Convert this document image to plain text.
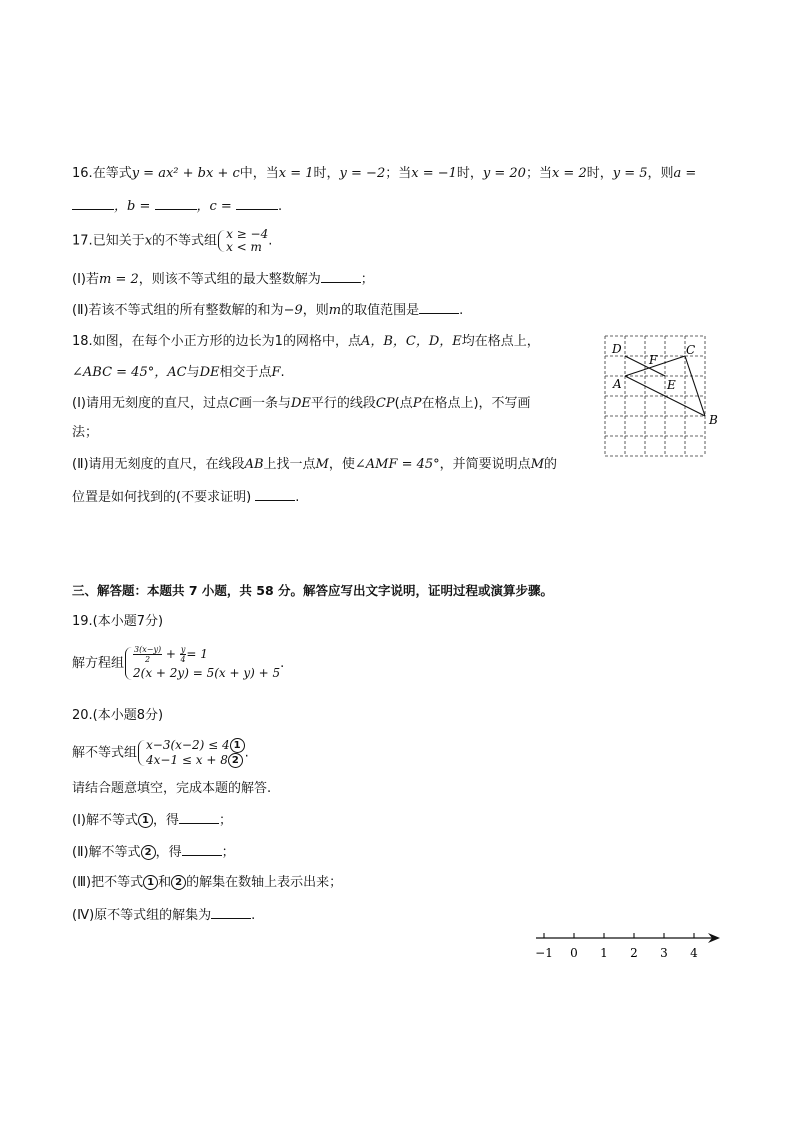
16.在等式y = ax² + bx + c中，当x = 1时，y = −2；当x = −1时，y = 20；当x = 2时，y = 5，则a =
，b =	，c =	.
17.已知关于x的不等式组 x ≥ −4
x < m .
(Ⅰ)若m = 2，则该不等式组的最大整数解为	；
(Ⅱ)若该不等式组的所有整数解的和为−9，则m的取值范围是	.
18.如图，在每个小正方形的边长为1的网格中，点A，B，C，D，E均在格点上，
∠ABC = 45°，AC与DE相交于点F.
(Ⅰ)请用无刻度的直尺，过点C画一条与DE平行的线段CP(点P在格点上)，不写画
法；
(Ⅱ)请用无刻度的直尺，在线段AB上找一点M，使∠AMF = 45°，并简要说明点M的
位置是如何找到的(不要求证明)	.
D
F
C
A	E
B
三、解答题：本题共 7 小题，共 58 分。解答应写出文字说明，证明过程或演算步骤。
19.(本小题7分)
解方程组 $\frac{3(x-y)}{2} + \frac{y}{4} = 1$
2(x + 2y) = 5(x + y) + 5
.
20.(本小题8分)
解不等式组
x−3(x−2) ≤ 4 1
4x−1 ≤ x + 8 2 .
请结合题意填空，完成本题的解答.
(Ⅰ)解不等式 1 ，得	；
(Ⅱ)解不等式 2 ，得	；
(Ⅲ)把不等式 1 和 2 的解集在数轴上表示出来；
(Ⅳ)原不等式组的解集为	.
−1 0 1 2 3 4
